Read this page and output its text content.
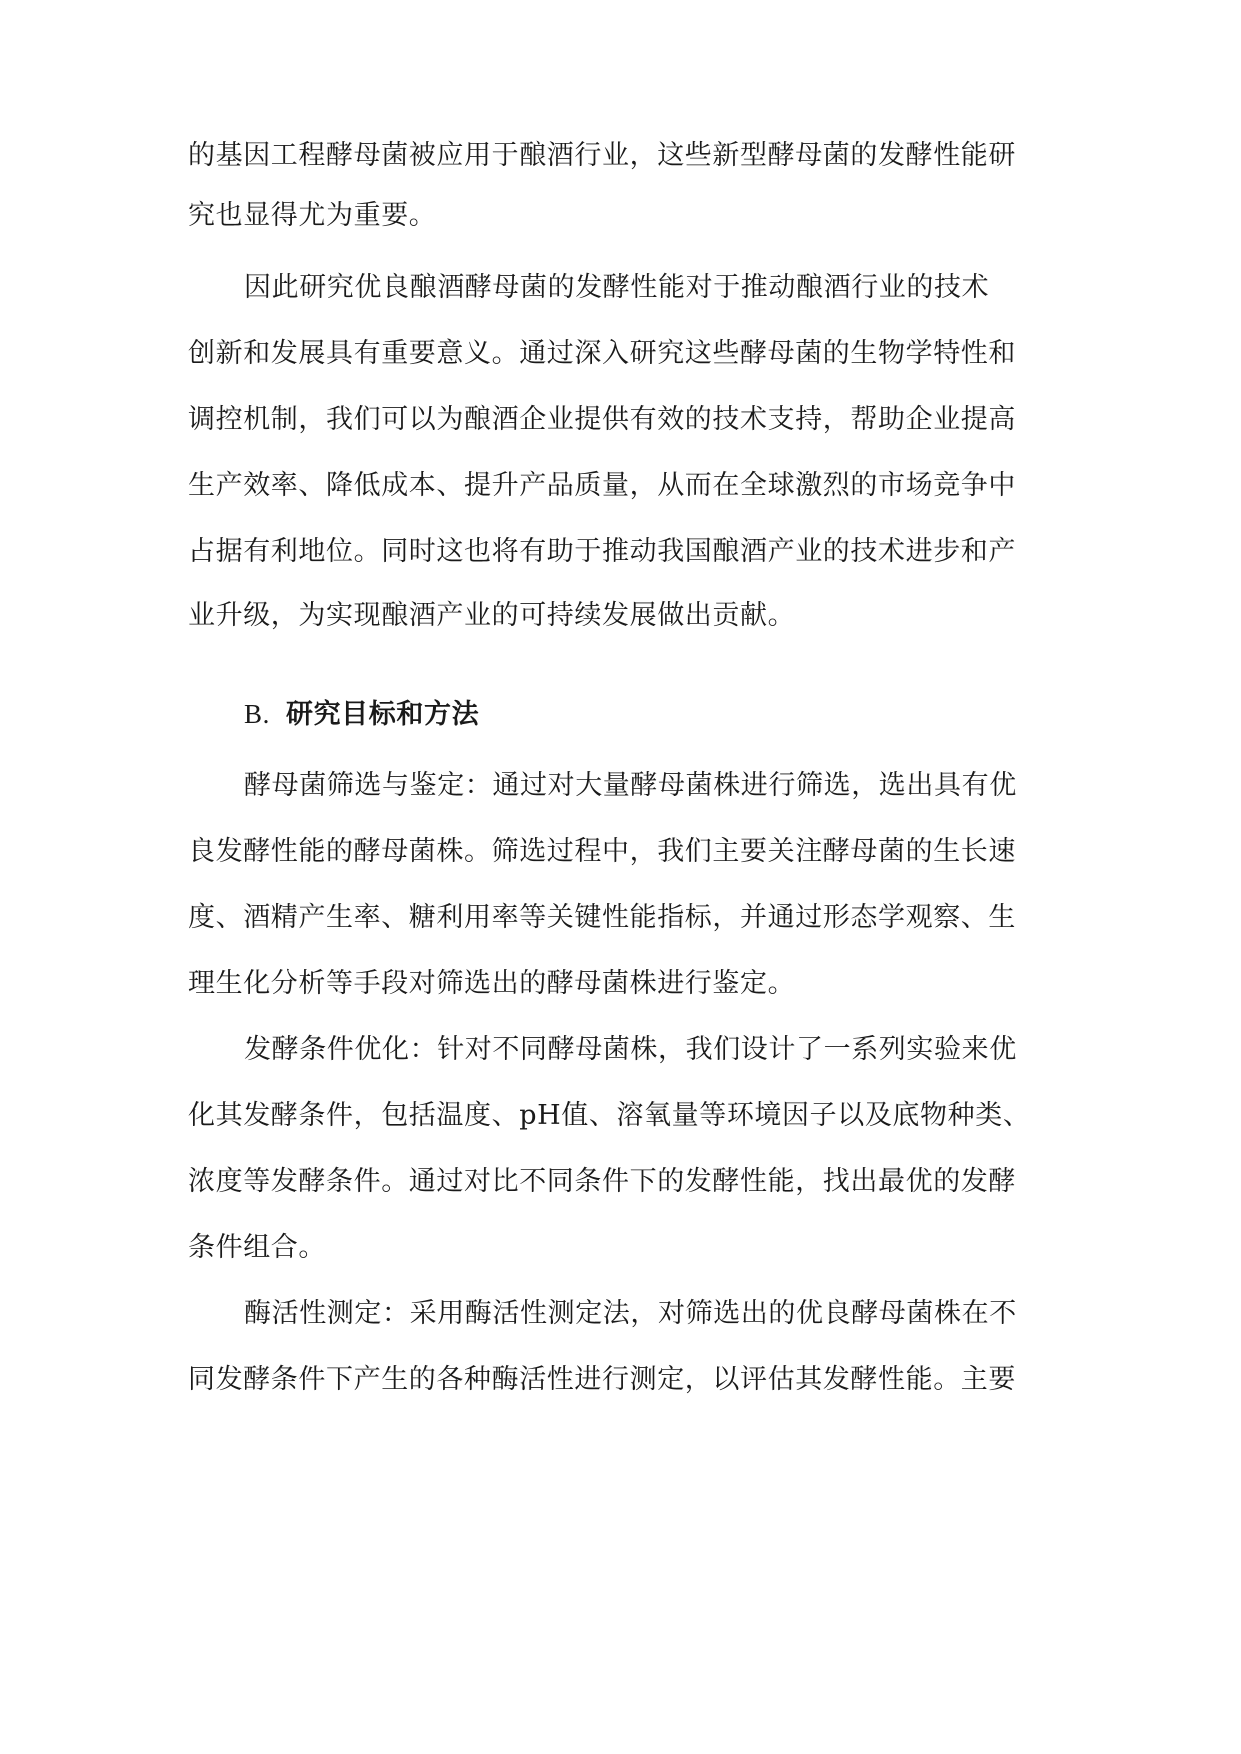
的基因工程酵母菌被应用于酿酒行业，这些新型酵母菌的发酵性能研
究也显得尤为重要。
因此研究优良酿酒酵母菌的发酵性能对于推动酿酒行业的技术
创新和发展具有重要意义。通过深入研究这些酵母菌的生物学特性和
调控机制，我们可以为酿酒企业提供有效的技术支持，帮助企业提高
生产效率、降低成本、提升产品质量，从而在全球激烈的市场竞争中
占据有利地位。同时这也将有助于推动我国酿酒产业的技术进步和产
业升级，为实现酿酒产业的可持续发展做出贡献。
B. 研究目标和方法
酵母菌筛选与鉴定：通过对大量酵母菌株进行筛选，选出具有优
良发酵性能的酵母菌株。筛选过程中，我们主要关注酵母菌的生长速
度、酒精产生率、糖利用率等关键性能指标，并通过形态学观察、生
理生化分析等手段对筛选出的酵母菌株进行鉴定。
发酵条件优化：针对不同酵母菌株，我们设计了一系列实验来优
化其发酵条件，包括温度、pH值、溶氧量等环境因子以及底物种类、
浓度等发酵条件。通过对比不同条件下的发酵性能，找出最优的发酵
条件组合。
酶活性测定：采用酶活性测定法，对筛选出的优良酵母菌株在不
同发酵条件下产生的各种酶活性进行测定，以评估其发酵性能。主要
